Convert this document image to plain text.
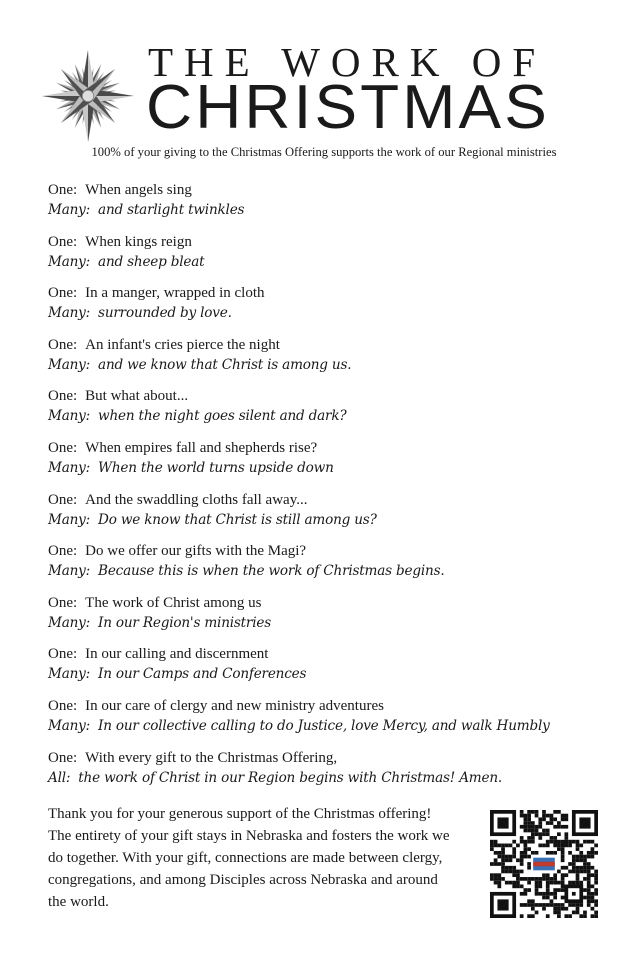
THE WORK OF
CHRISTMAS
100% of your giving to the Christmas Offering supports the work of our Regional ministries
One: When angels sing
Many: and starlight twinkles
One: When kings reign
Many: and sheep bleat
One: In a manger, wrapped in cloth
Many: surrounded by love.
One: An infant's cries pierce the night
Many: and we know that Christ is among us.
One: But what about...
Many: when the night goes silent and dark?
One: When empires fall and shepherds rise?
Many: When the world turns upside down
One: And the swaddling cloths fall away...
Many: Do we know that Christ is still among us?
One: Do we offer our gifts with the Magi?
Many: Because this is when the work of Christmas begins.
One: The work of Christ among us
Many: In our Region's ministries
One: In our calling and discernment
Many: In our Camps and Conferences
One: In our care of clergy and new ministry adventures
Many: In our collective calling to do Justice, love Mercy, and walk Humbly
One: With every gift to the Christmas Offering,
All: the work of Christ in our Region begins with Christmas! Amen.
Thank you for your generous support of the Christmas offering! The entirety of your gift stays in Nebraska and fosters the work we do together. With your gift, connections are made between clergy, congregations, and among Disciples across Nebraska and around the world.
